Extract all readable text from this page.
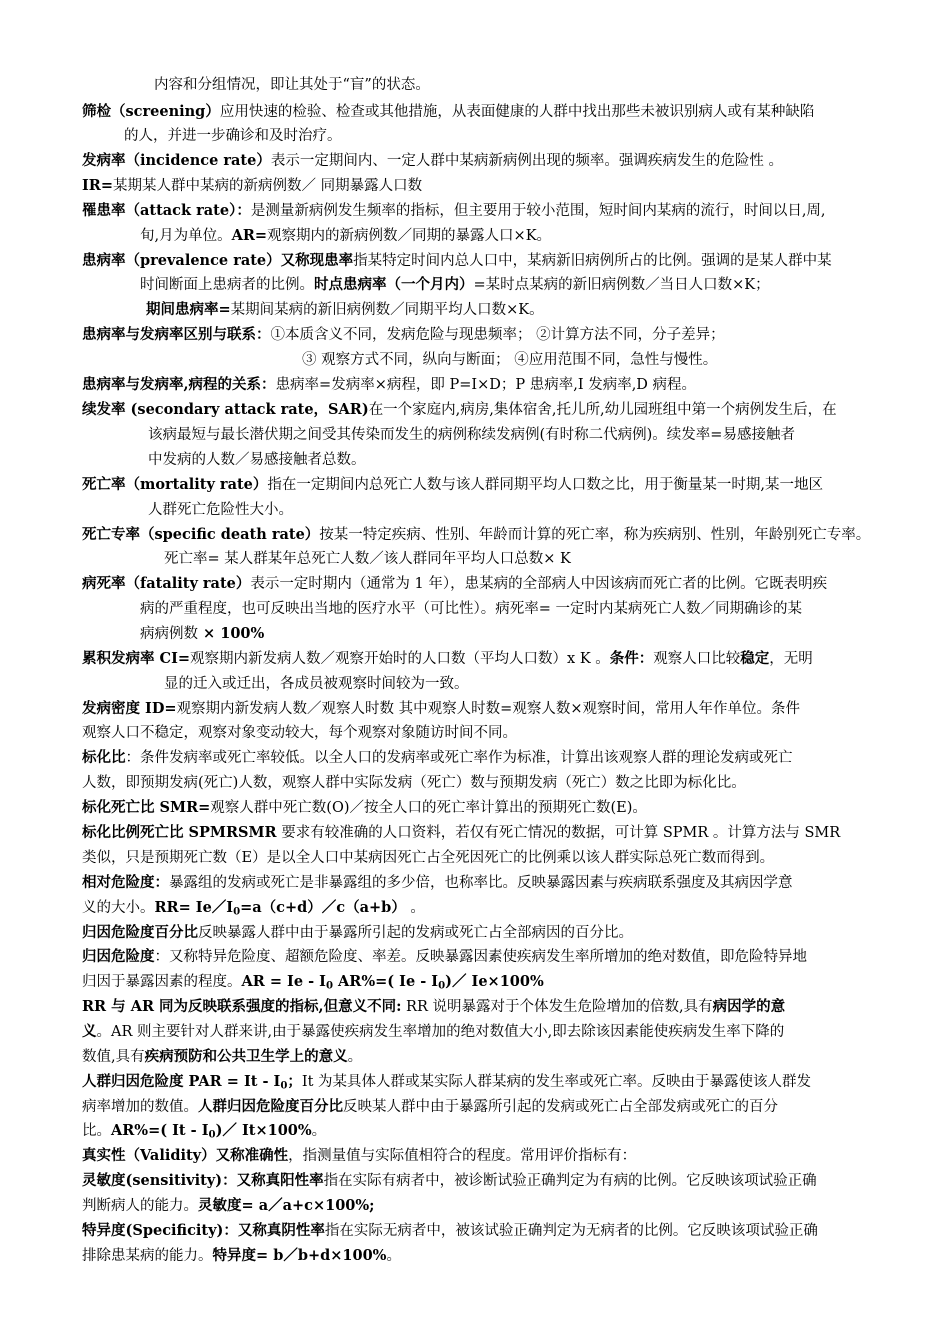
内容和分组情况，即让其处于“盲”的状态。
筛检（screening）应用快速的检验、检查或其他措施，从表面健康的人群中找出那些未被识别病人或有某种缺陷
的人，并进一步确诊和及时治疗。
发病率（incidence rate）表示一定期间内、一定人群中某病新病例出现的频率。强调疾病发生的危险性 。
IR=某期某人群中某病的新病例数／ 同期暴露人口数
罹患率（attack rate）：是测量新病例发生频率的指标，但主要用于较小范围，短时间内某病的流行，时间以日,周,
旬,月为单位。AR=观察期内的新病例数／同期的暴露人口×K。
患病率（prevalence rate）又称现患率指某特定时间内总人口中，某病新旧病例所占的比例。强调的是某人群中某
时间断面上患病者的比例。时点患病率（一个月内）=某时点某病的新旧病例数／当日人口数×K；
期间患病率=某期间某病的新旧病例数／同期平均人口数×K。
患病率与发病率区别与联系：①本质含义不同，发病危险与现患频率； ②计算方法不同，分子差异；
③ 观察方式不同，纵向与断面； ④应用范围不同，急性与慢性。
患病率与发病率,病程的关系：患病率=发病率×病程，即 P=I×D；P 患病率,I 发病率,D 病程。
续发率 (secondary attack rate，SAR)在一个家庭内,病房,集体宿舍,托儿所,幼儿园班组中第一个病例发生后，在
该病最短与最长潜伏期之间受其传染而发生的病例称续发病例(有时称二代病例)。续发率=易感接触者
中发病的人数／易感接触者总数。
死亡率（mortality rate）指在一定期间内总死亡人数与该人群同期平均人口数之比，用于衡量某一时期,某一地区
人群死亡危险性大小。
死亡专率（specific death rate）按某一特定疾病、性别、年龄而计算的死亡率，称为疾病别、性别，年龄别死亡专率。
死亡率= 某人群某年总死亡人数／该人群同年平均人口总数× K
病死率（fatality rate）表示一定时期内（通常为 1 年），患某病的全部病人中因该病而死亡者的比例。它既表明疾
病的严重程度，也可反映出当地的医疗水平（可比性）。病死率= 一定时内某病死亡人数／同期确诊的某
病病例数 × 100%
累积发病率 CI=观察期内新发病人数／观察开始时的人口数（平均人口数）x K 。条件：观察人口比较稳定，无明
显的迁入或迁出，各成员被观察时间较为一致。
发病密度 ID=观察期内新发病人数／观察人时数 其中观察人时数=观察人数×观察时间，常用人年作单位。条件
观察人口不稳定，观察对象变动较大，每个观察对象随访时间不同。
标化比：条件发病率或死亡率较低。以全人口的发病率或死亡率作为标准，计算出该观察人群的理论发病或死亡
人数，即预期发病(死亡)人数，观察人群中实际发病（死亡）数与预期发病（死亡）数之比即为标化比。
标化死亡比 SMR=观察人群中死亡数(O)／按全人口的死亡率计算出的预期死亡数(E)。
标化比例死亡比 SPMRSMR 要求有较准确的人口资料，若仅有死亡情况的数据，可计算 SPMR 。计算方法与 SMR
类似，只是预期死亡数（E）是以全人口中某病因死亡占全死因死亡的比例乘以该人群实际总死亡数而得到。
相对危险度：暴露组的发病或死亡是非暴露组的多少倍，也称率比。反映暴露因素与疾病联系强度及其病因学意
义的大小。$RR= Ie/I_0=a(c+d)/c(a+b)$ 。
归因危险度百分比反映暴露人群中由于暴露所引起的发病或死亡占全部病因的百分比。
归因危险度：又称特异危险度、超额危险度、率差。反映暴露因素使疾病发生率所增加的绝对数值，即危险特异地
归因于暴露因素的程度。AR = Ie - $I_0$ AR%=( Ie - $I_0)/$ Ie×100%
RR 与 AR 同为反映联系强度的指标,但意义不同: RR 说明暴露对于个体发生危险增加的倍数,具有病因学的意
义。AR 则主要针对人群来讲,由于暴露使疾病发生率增加的绝对数值大小,即去除该因素能使疾病发生率下降的
数值,具有疾病预防和公共卫生学上的意义。
人群归因危险度 PAR = It - $I_0$；It 为某具体人群或某实际人群某病的发生率或死亡率。反映由于暴露使该人群发
病率增加的数值。人群归因危险度百分比反映某人群中由于暴露所引起的发病或死亡占全部发病或死亡的百分
比。AR%=( It - $I_0)/$ It×100%。
真实性（Validity）又称准确性，指测量值与实际值相符合的程度。常用评价指标有：
灵敏度(sensitivity)：又称真阳性率指在实际有病者中，被诊断试验正确判定为有病的比例。它反映该项试验正确
判断病人的能力。灵敏度= a／a+c×100%;
特异度(Specificity)：又称真阴性率指在实际无病者中，被该试验正确判定为无病者的比例。它反映该项试验正确
排除患某病的能力。特异度= b／b+d×100%。
